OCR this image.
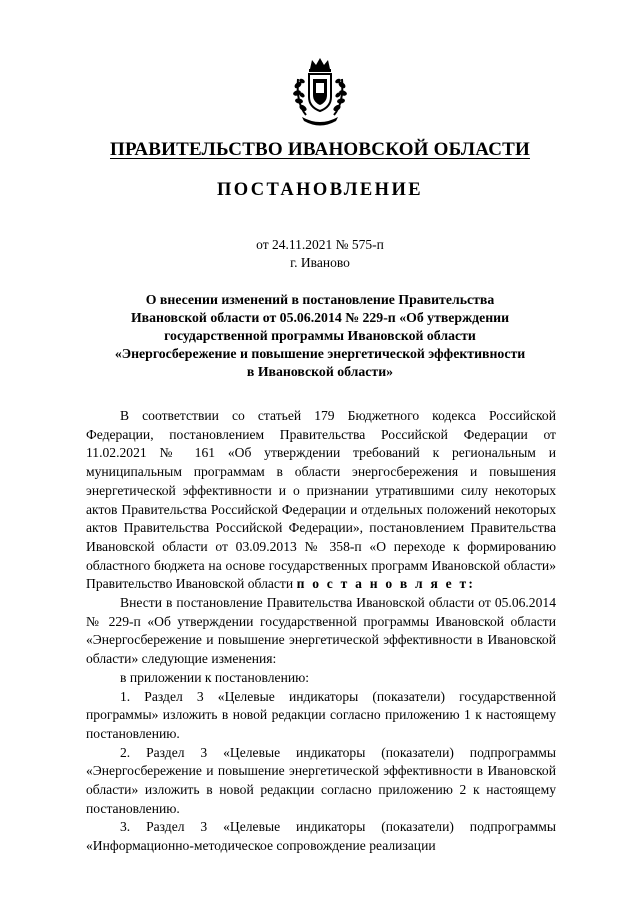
ПРАВИТЕЛЬСТВО ИВАНОВСКОЙ ОБЛАСТИ
ПОСТАНОВЛЕНИЕ
от 24.11.2021 № 575-п
г. Иваново
О внесении изменений в постановление Правительства
Ивановской области от 05.06.2014 № 229-п «Об утверждении
государственной программы Ивановской области
«Энергосбережение и повышение энергетической эффективности
в Ивановской области»

В соответствии со статьей 179 Бюджетного кодекса Российской Федерации, постановлением Правительства Российской Федерации от 11.02.2021 № 161 «Об утверждении требований к региональным и муниципальным программам в области энергосбережения и повышения энергетической эффективности и о признании утратившими силу некоторых актов Правительства Российской Федерации и отдельных положений некоторых актов Правительства Российской Федерации», постановлением Правительства Ивановской области от 03.09.2013 № 358-п «О переходе к формированию областного бюджета на основе государственных программ Ивановской области» Правительство Ивановской области п о с т а н о в л я е т:

Внести в постановление Правительства Ивановской области от 05.06.2014 № 229-п «Об утверждении государственной программы Ивановской области «Энергосбережение и повышение энергетической эффективности в Ивановской области» следующие изменения:

в приложении к постановлению:

1. Раздел 3 «Целевые индикаторы (показатели) государственной программы» изложить в новой редакции согласно приложению 1 к настоящему постановлению.

2. Раздел 3 «Целевые индикаторы (показатели) подпрограммы «Энергосбережение и повышение энергетической эффективности в Ивановской области» изложить в новой редакции согласно приложению 2 к настоящему постановлению.

3. Раздел 3 «Целевые индикаторы (показатели) подпрограммы «Информационно-методическое сопровождение реализации
